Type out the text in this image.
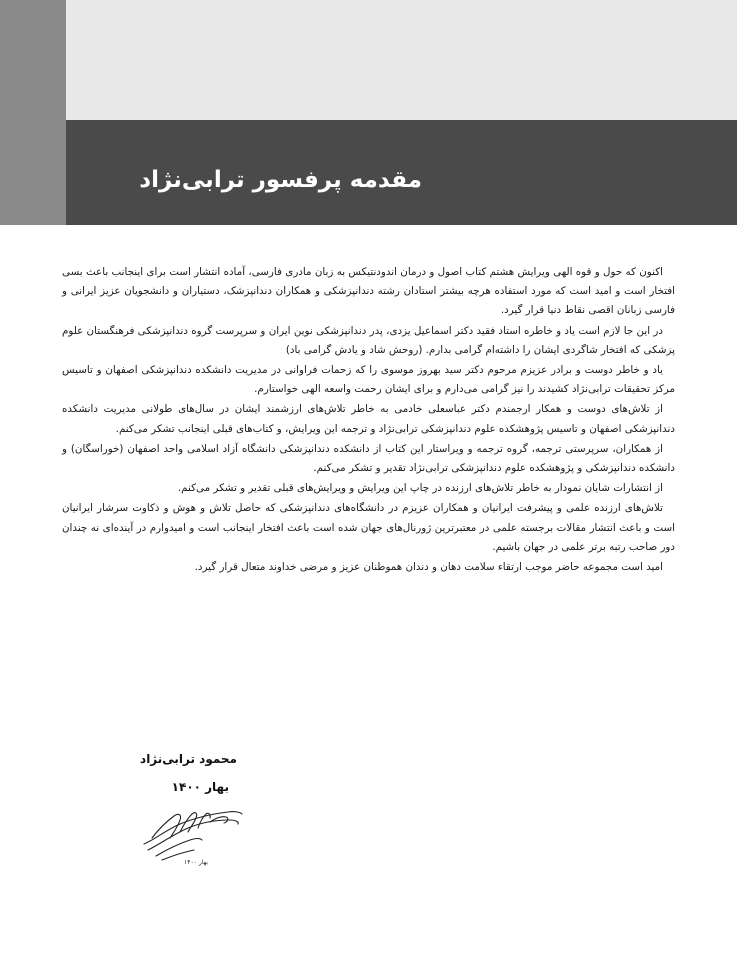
مقدمه پرفسور ترابی‌نژاد

اکنون که حول و قوه الهی ویرایش هشتم کتاب اصول و درمان اندودنتیکس به زبان مادری فارسی، آماده انتشار است برای اینجانب باعث بسی افتخار است و امید است که مورد استفاده هرچه بیشتر استادان رشته دندانپزشکی و همکاران دندانپزشک، دستیاران و دانشجویان عزیز ایرانی و فارسی زبانان اقصی نقاط دنیا قرار گیرد.

در این جا لازم است یاد و خاطره استاد فقید دکتر اسماعیل یزدی، پدر دندانپزشکی نوین ایران و سرپرست گروه دندانپزشکی فرهنگستان علوم پزشکی که افتخار شاگردی ایشان را داشته‌ام گرامی بدارم. (روحش شاد و یادش گرامی باد)

یاد و خاطر دوست و برادر عزیزم مرحوم دکتر سید بهروز موسوی را که زحمات فراوانی در مدیریت دانشکده دندانپزشکی اصفهان و تاسیس مرکز تحقیقات ترابی‌نژاد کشیدند را نیز گرامی می‌دارم و برای ایشان رحمت واسعه الهی خواستارم.

از تلاش‌های دوست و همکار ارجمندم دکتر عباسعلی خادمی به خاطر تلاش‌های ارزشمند ایشان در سال‌های طولانی مدیریت دانشکده دندانپزشکی اصفهان و تاسیس پژوهشکده علوم دندانپزشکی ترابی‌نژاد و ترجمه این ویرایش، و کتاب‌های قبلی اینجانب تشکر می‌کنم.

از همکاران، سرپرستی ترجمه، گروه ترجمه و ویراستار این کتاب از دانشکده دندانپزشکی دانشگاه آزاد اسلامی واحد اصفهان (خوراسگان) و دانشکده دندانپزشکی و پژوهشکده علوم دندانپزشکی ترابی‌نژاد تقدیر و تشکر می‌کنم.

از انتشارات شایان نمودار به خاطر تلاش‌های ارزنده در چاپ این ویرایش و ویرایش‌های قبلی تقدیر و تشکر می‌کنم.

تلاش‌های ارزنده علمی و پیشرفت ایرانیان و همکاران عزیزم در دانشگاه‌های دندانپزشکی که حاصل تلاش و هوش و ذکاوت سرشار ایرانیان است و باعث انتشار مقالات برجسته علمی در معتبرترین ژورنال‌های جهان شده است باعث افتخار اینجانب است و امیدوارم در آینده‌ای نه چندان دور صاحب رتبه برتر علمی در جهان باشیم.

امید است مجموعه حاضر موجب ارتقاء سلامت دهان و دندان هموطنان عزیز و مرضی خداوند متعال قرار گیرد.

محمود ترابی‌نژاد

بهار ۱۴۰۰

۱۴۰۰ بهار
